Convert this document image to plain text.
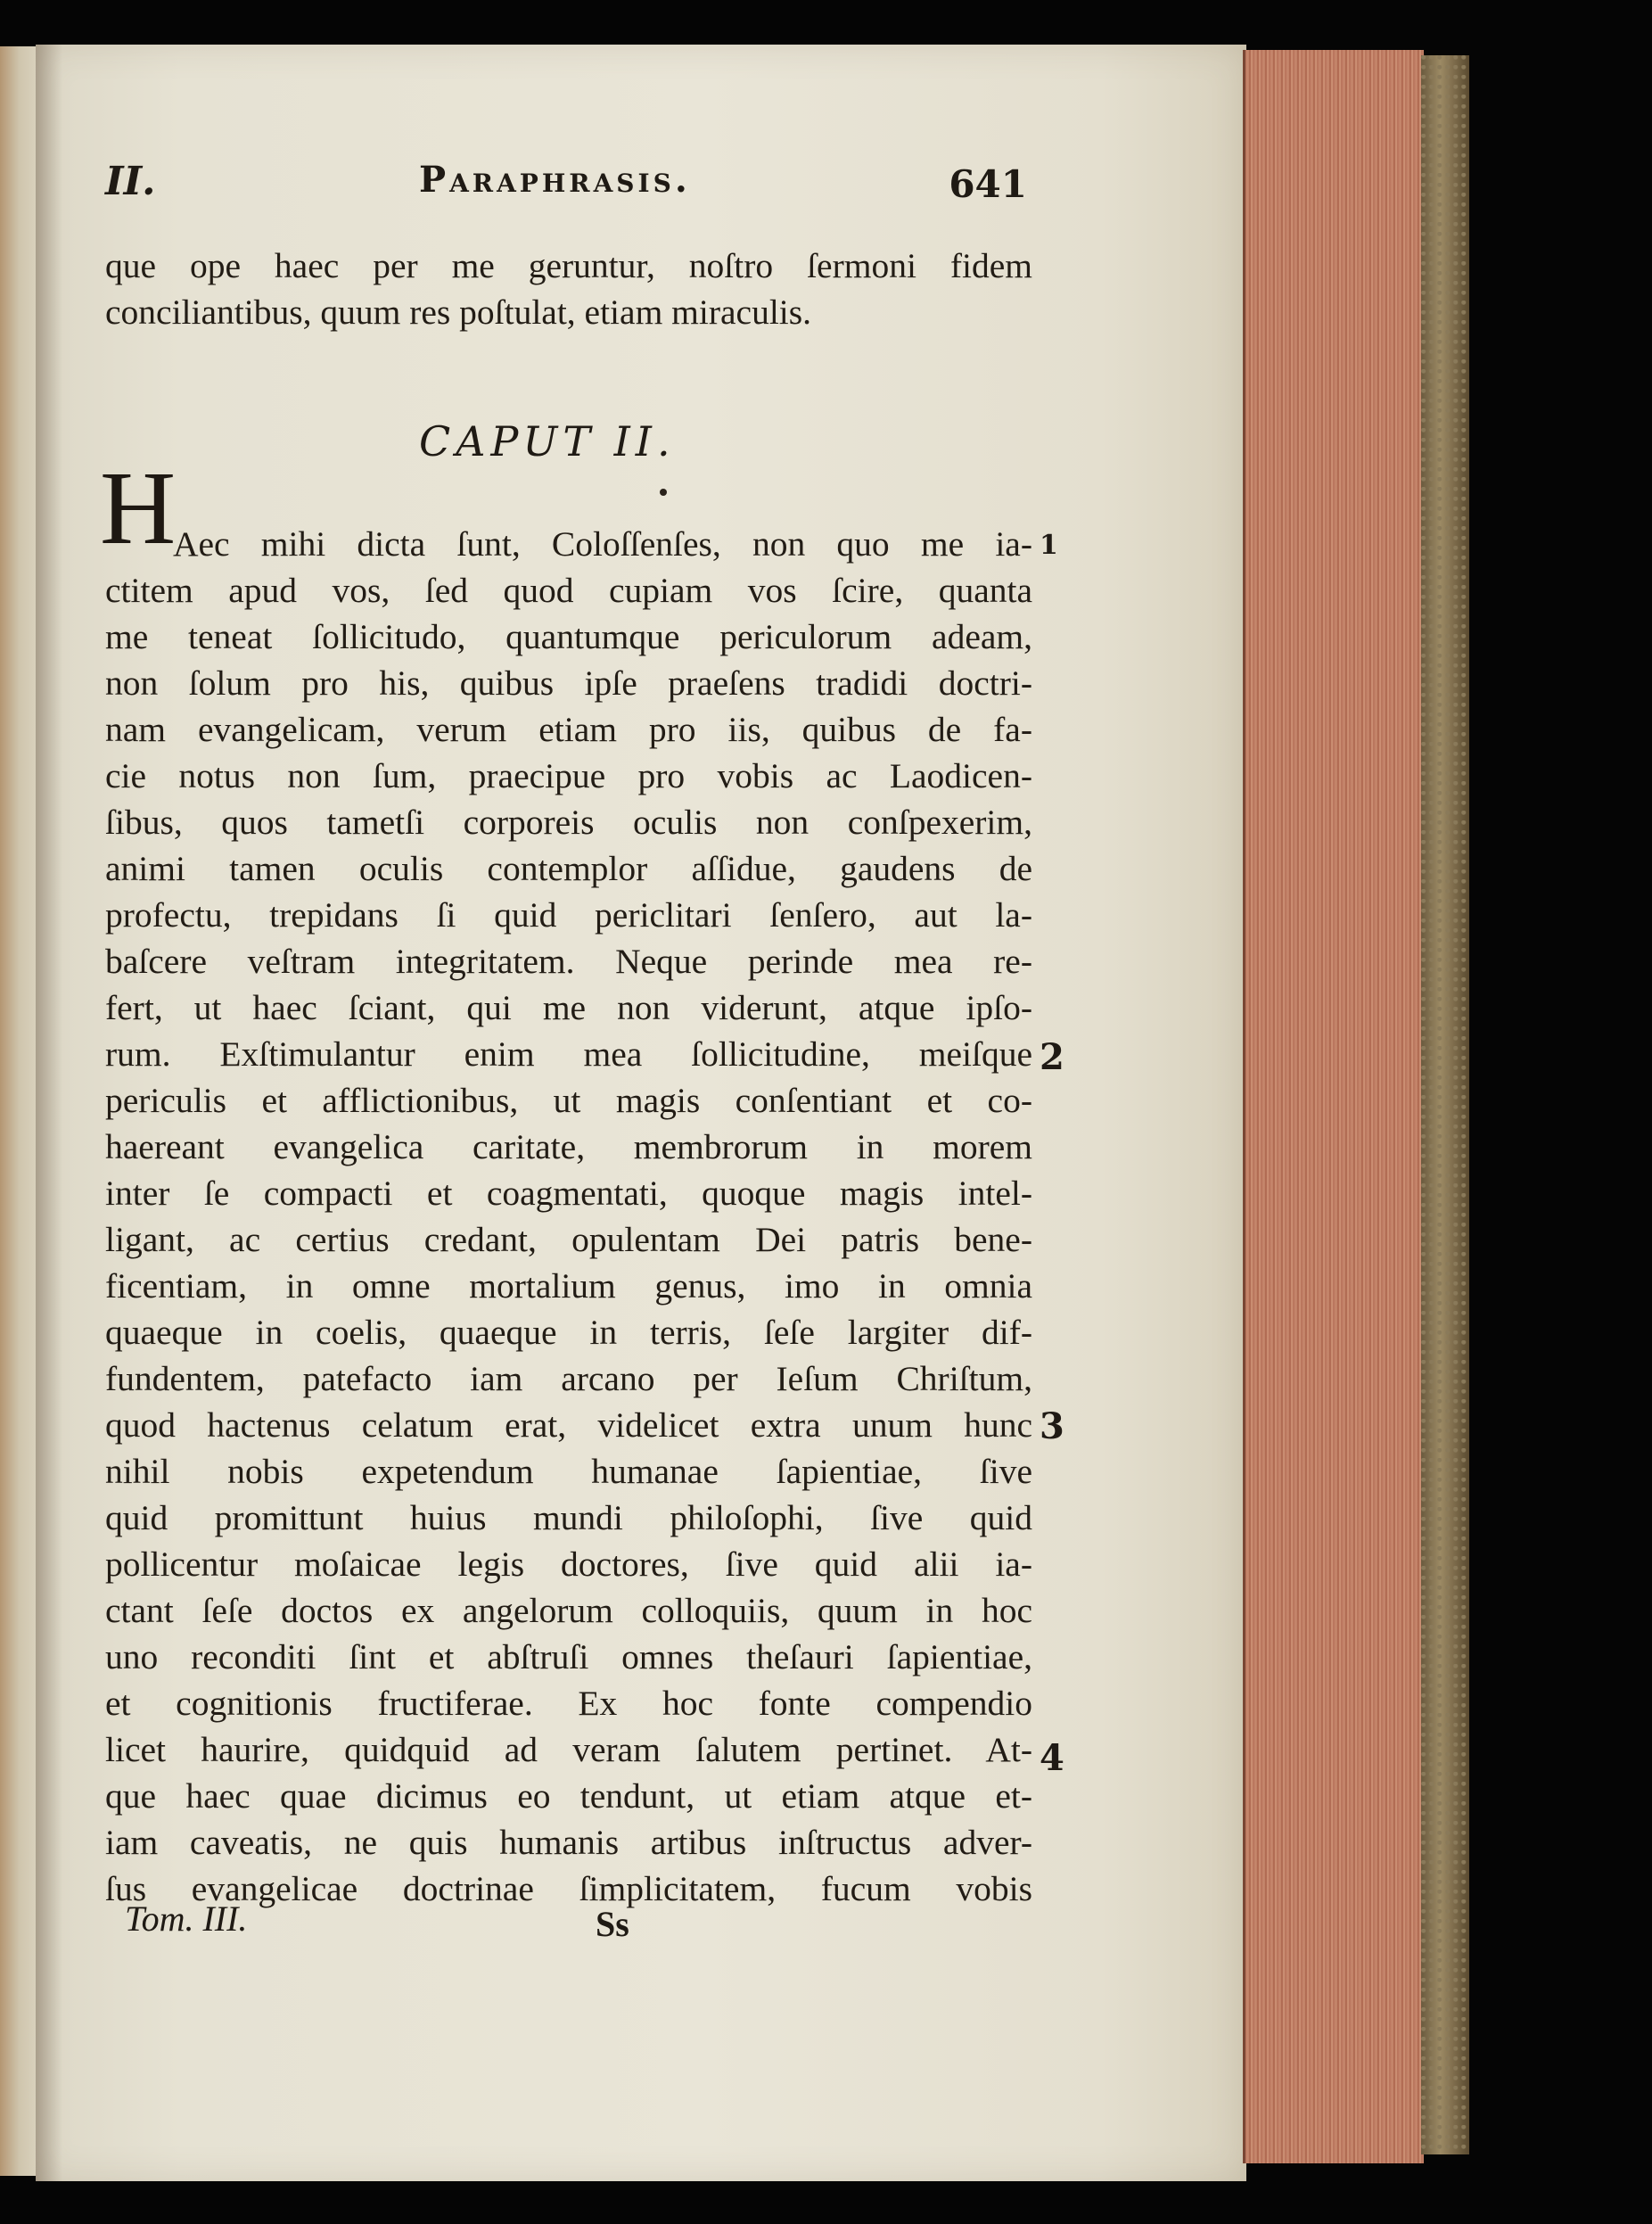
II.	Paraphrasis.	641
que ope haec per me geruntur, noſtro ſermoni fidem
conciliantibus, quum res poſtulat, etiam miraculis.
CAPUT II.
H
Aec mihi dicta ſunt, Coloſſenſes, non quo me ia-
ctitem apud vos, ſed quod cupiam vos ſcire, quanta
me teneat ſollicitudo, quantumque periculorum adeam,
non ſolum pro his, quibus ipſe praeſens tradidi doctri-
nam evangelicam, verum etiam pro iis, quibus de fa-
cie notus non ſum, praecipue pro vobis ac Laodicen-
ſibus, quos tametſi corporeis oculis non conſpexerim,
animi tamen oculis contemplor aſſidue, gaudens de
profectu, trepidans ſi quid periclitari ſenſero, aut la-
baſcere veſtram integritatem. Neque perinde mea re-
fert, ut haec ſciant, qui me non viderunt, atque ipſo-
rum. Exſtimulantur enim mea ſollicitudine, meiſque
periculis et afflictionibus, ut magis conſentiant et co-
haereant evangelica caritate, membrorum in morem
inter ſe compacti et coagmentati, quoque magis intel-
ligant, ac certius credant, opulentam Dei patris bene-
ficentiam, in omne mortalium genus, imo in omnia
quaeque in coelis, quaeque in terris, ſeſe largiter dif-
fundentem, patefacto iam arcano per Ieſum Chriſtum,
quod hactenus celatum erat, videlicet extra unum hunc
nihil nobis expetendum humanae ſapientiae, ſive
quid promittunt huius mundi philoſophi, ſive quid
pollicentur moſaicae legis doctores, ſive quid alii ia-
ctant ſeſe doctos ex angelorum colloquiis, quum in hoc
uno reconditi ſint et abſtruſi omnes theſauri ſapientiae,
et cognitionis fructiferae. Ex hoc fonte compendio
licet haurire, quidquid ad veram ſalutem pertinet. At-
que haec quae dicimus eo tendunt, ut etiam atque et-
iam caveatis, ne quis humanis artibus inſtructus adver-
ſus evangelicae doctrinae ſimplicitatem, fucum vobis
1
2
3
4
Tom. III.	Ss
